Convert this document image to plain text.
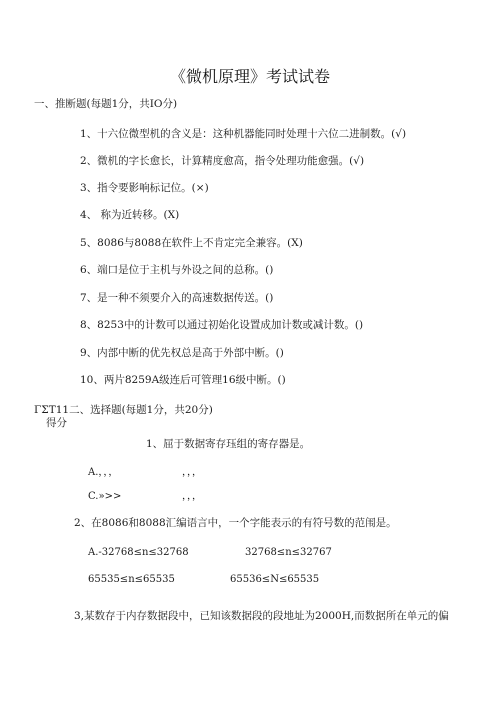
《微机原理》考试试卷
一、推断题(每题1分，共IO分)
1、十六位微型机的含义是：这种机器能同时处理十六位二进制数。(√)
2、微机的字长愈长，计算精度愈高，指令处理功能愈强。(√)
3、指令要影响标记位。(×)
4、 称为近转移。(X)
5、8086与8088在软件上不肯定完全兼容。(X)
6、端口是位于主机与外设之间的总称。()
7、是一种不须要介入的高速数据传送。()
8、8253中的计数可以通过初始化设置成加计数或减计数。()
9、内部中断的优先权总是高于外部中断。()
10、两片8259A级连后可管理16级中断。()
ΓΣΤ11二、选择题(每题1分，共20分)
得分
1、屈于数据寄存珏组的寄存器是。
A.，，，	，，，
C.»>>	，，，
2、在8086和8088汇编语言中，一个字能表示的有符号数的范闱是。
A.-32768≤n≤32768	32768≤n≤32767
65535≤n≤65535	65536≤N≤65535
3,某数存于内存数据段中，已知该数据段的段地址为2000H,而数据所在单元的偏
